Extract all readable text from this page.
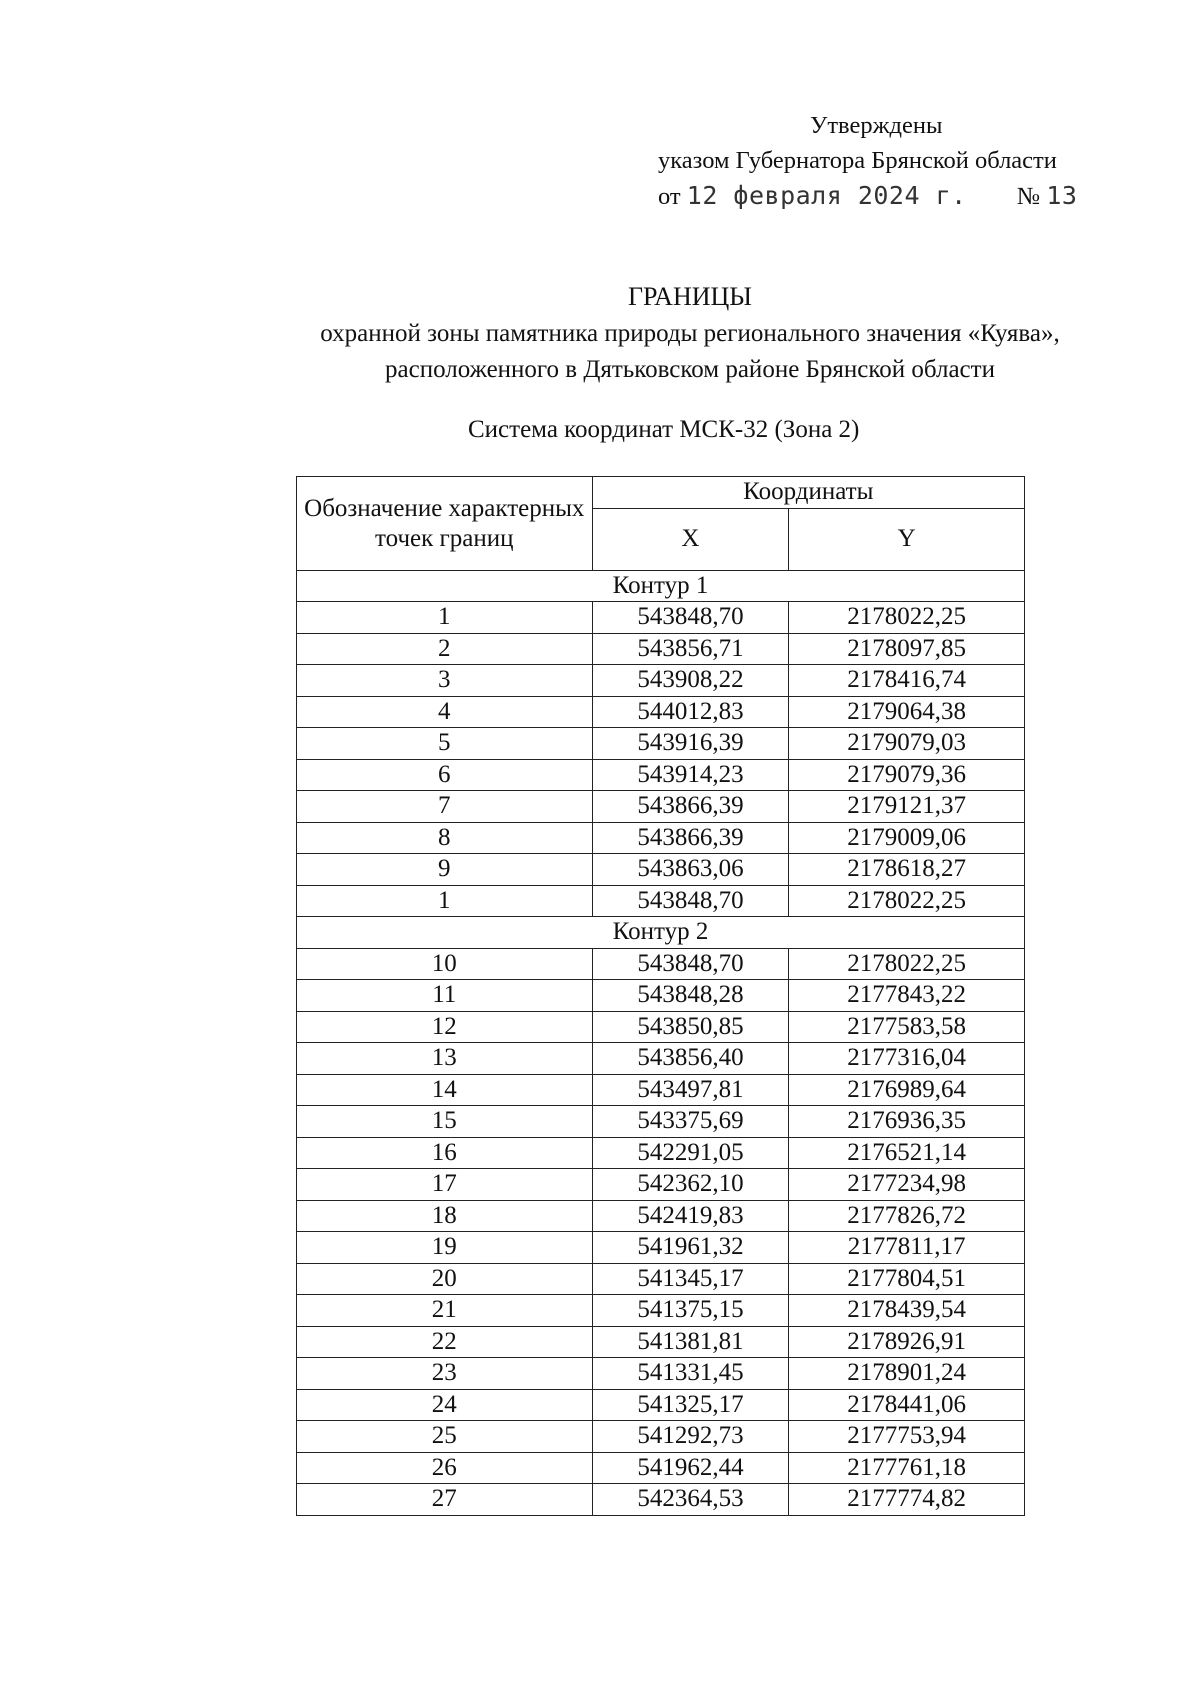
Утверждены
указом Губернатора Брянской области
от 12 февраля 2024 г. № 13
ГРАНИЦЫ
охранной зоны памятника природы регионального значения «Куява»,
расположенного в Дятьковском районе Брянской области
Система координат МСК-32 (Зона 2)
Обозначение характерных точек границ	Координаты	
	X	Y
Контур 1		
1	543848,70	2178022,25
2	543856,71	2178097,85
3	543908,22	2178416,74
4	544012,83	2179064,38
5	543916,39	2179079,03
6	543914,23	2179079,36
7	543866,39	2179121,37
8	543866,39	2179009,06
9	543863,06	2178618,27
1	543848,70	2178022,25
Контур 2		
10	543848,70	2178022,25
11	543848,28	2177843,22
12	543850,85	2177583,58
13	543856,40	2177316,04
14	543497,81	2176989,64
15	543375,69	2176936,35
16	542291,05	2176521,14
17	542362,10	2177234,98
18	542419,83	2177826,72
19	541961,32	2177811,17
20	541345,17	2177804,51
21	541375,15	2178439,54
22	541381,81	2178926,91
23	541331,45	2178901,24
24	541325,17	2178441,06
25	541292,73	2177753,94
26	541962,44	2177761,18
27	542364,53	2177774,82
